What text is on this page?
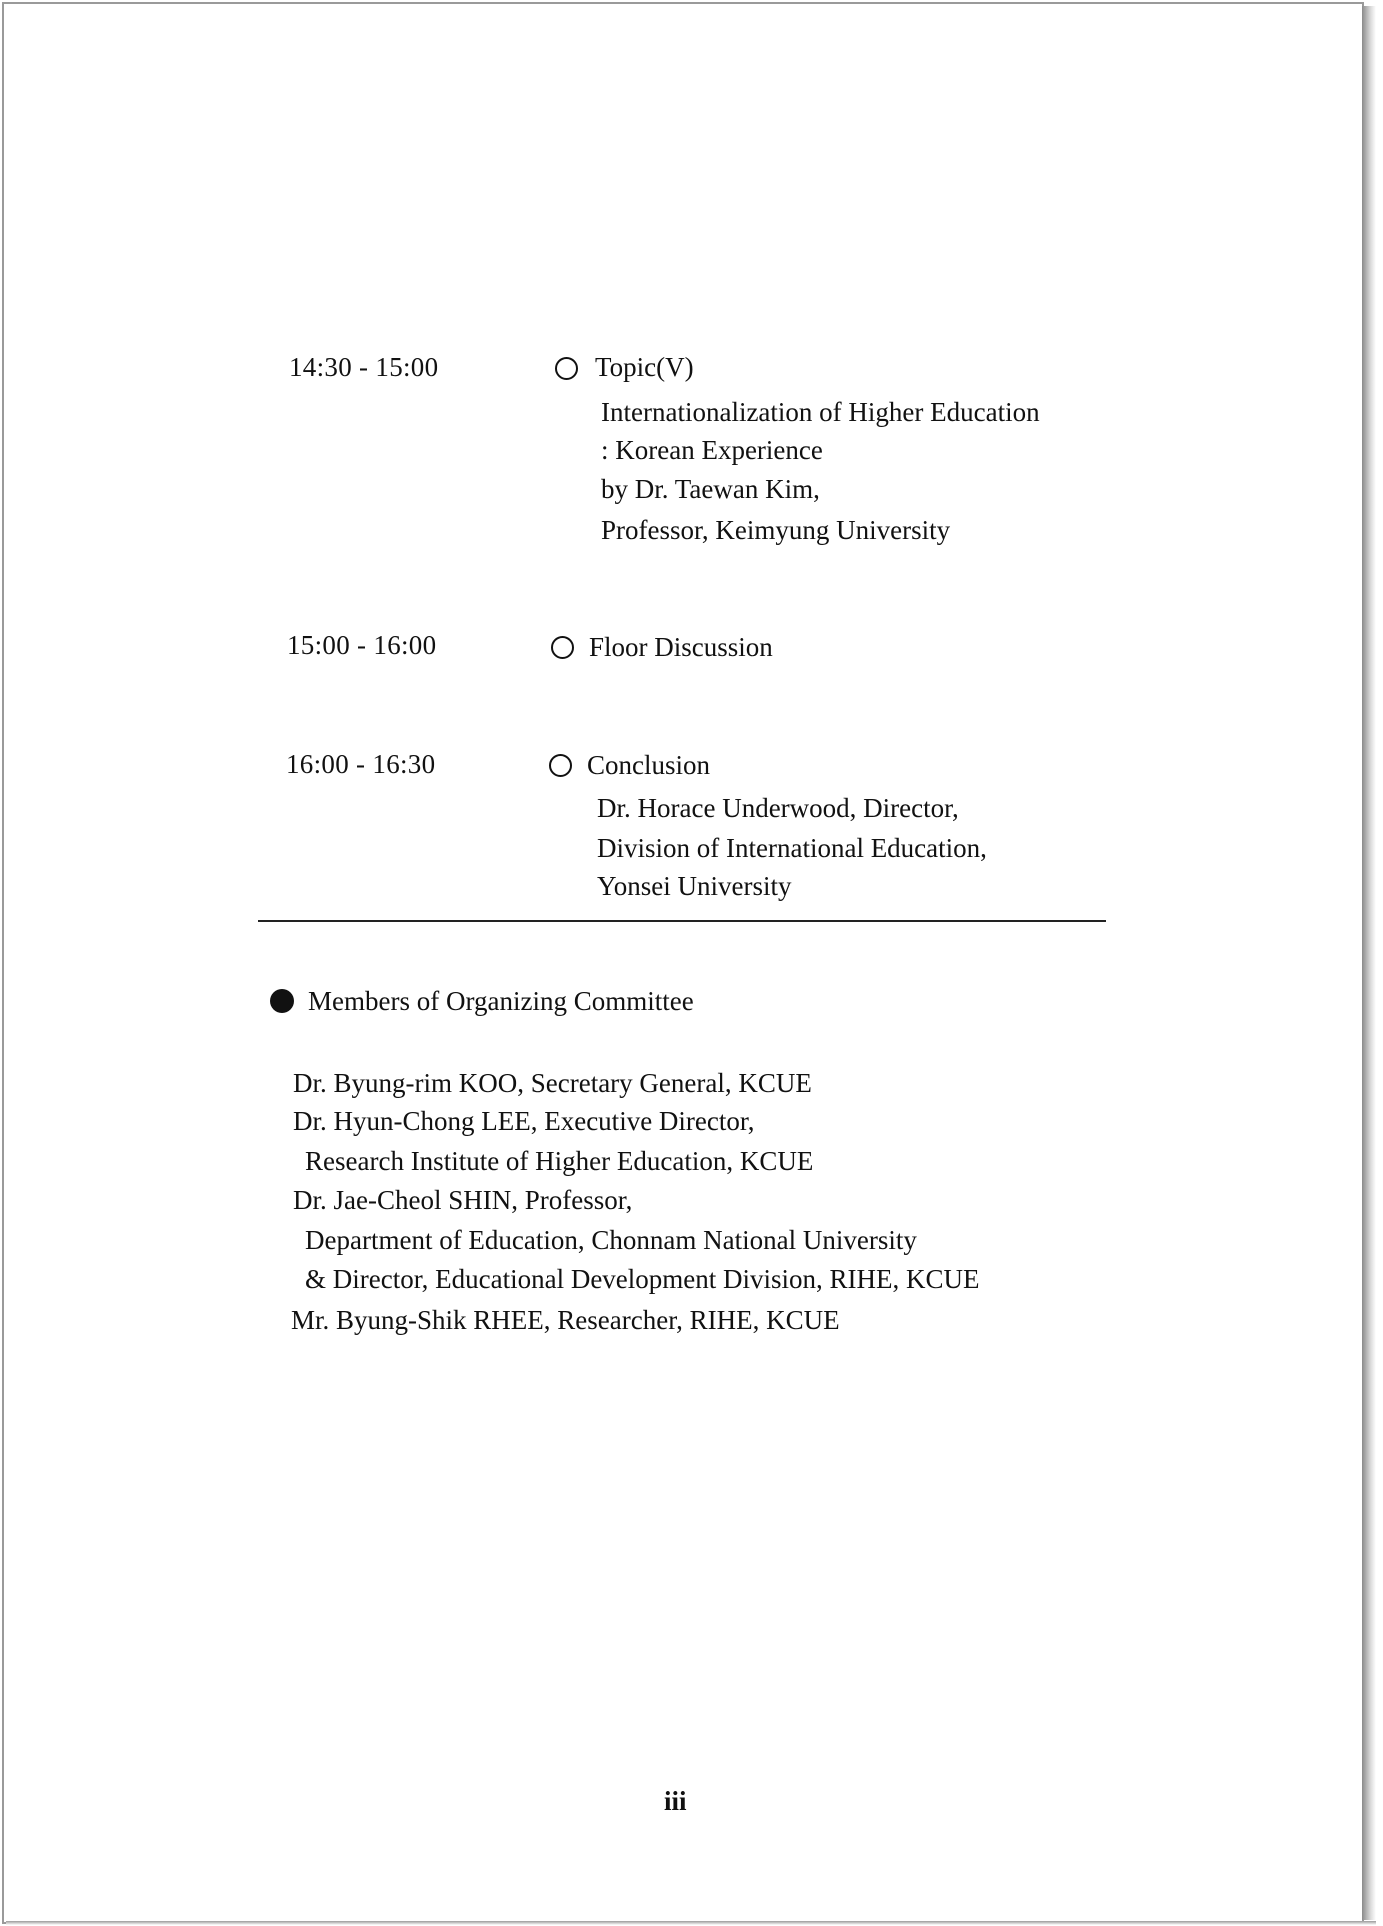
14:30 - 15:00	Topic(V)
Internationalization of Higher Education
: Korean Experience
by Dr. Taewan Kim,
Professor, Keimyung University
15:00 - 16:00	Floor Discussion
16:00 - 16:30	Conclusion
Dr. Horace Underwood, Director,
Division of International Education,
Yonsei University
Members of Organizing Committee
Dr. Byung-rim KOO, Secretary General, KCUE
Dr. Hyun-Chong LEE, Executive Director,
Research Institute of Higher Education, KCUE
Dr. Jae-Cheol SHIN, Professor,
Department of Education, Chonnam National University
& Director, Educational Development Division, RIHE, KCUE
Mr. Byung-Shik RHEE, Researcher, RIHE, KCUE
iii
